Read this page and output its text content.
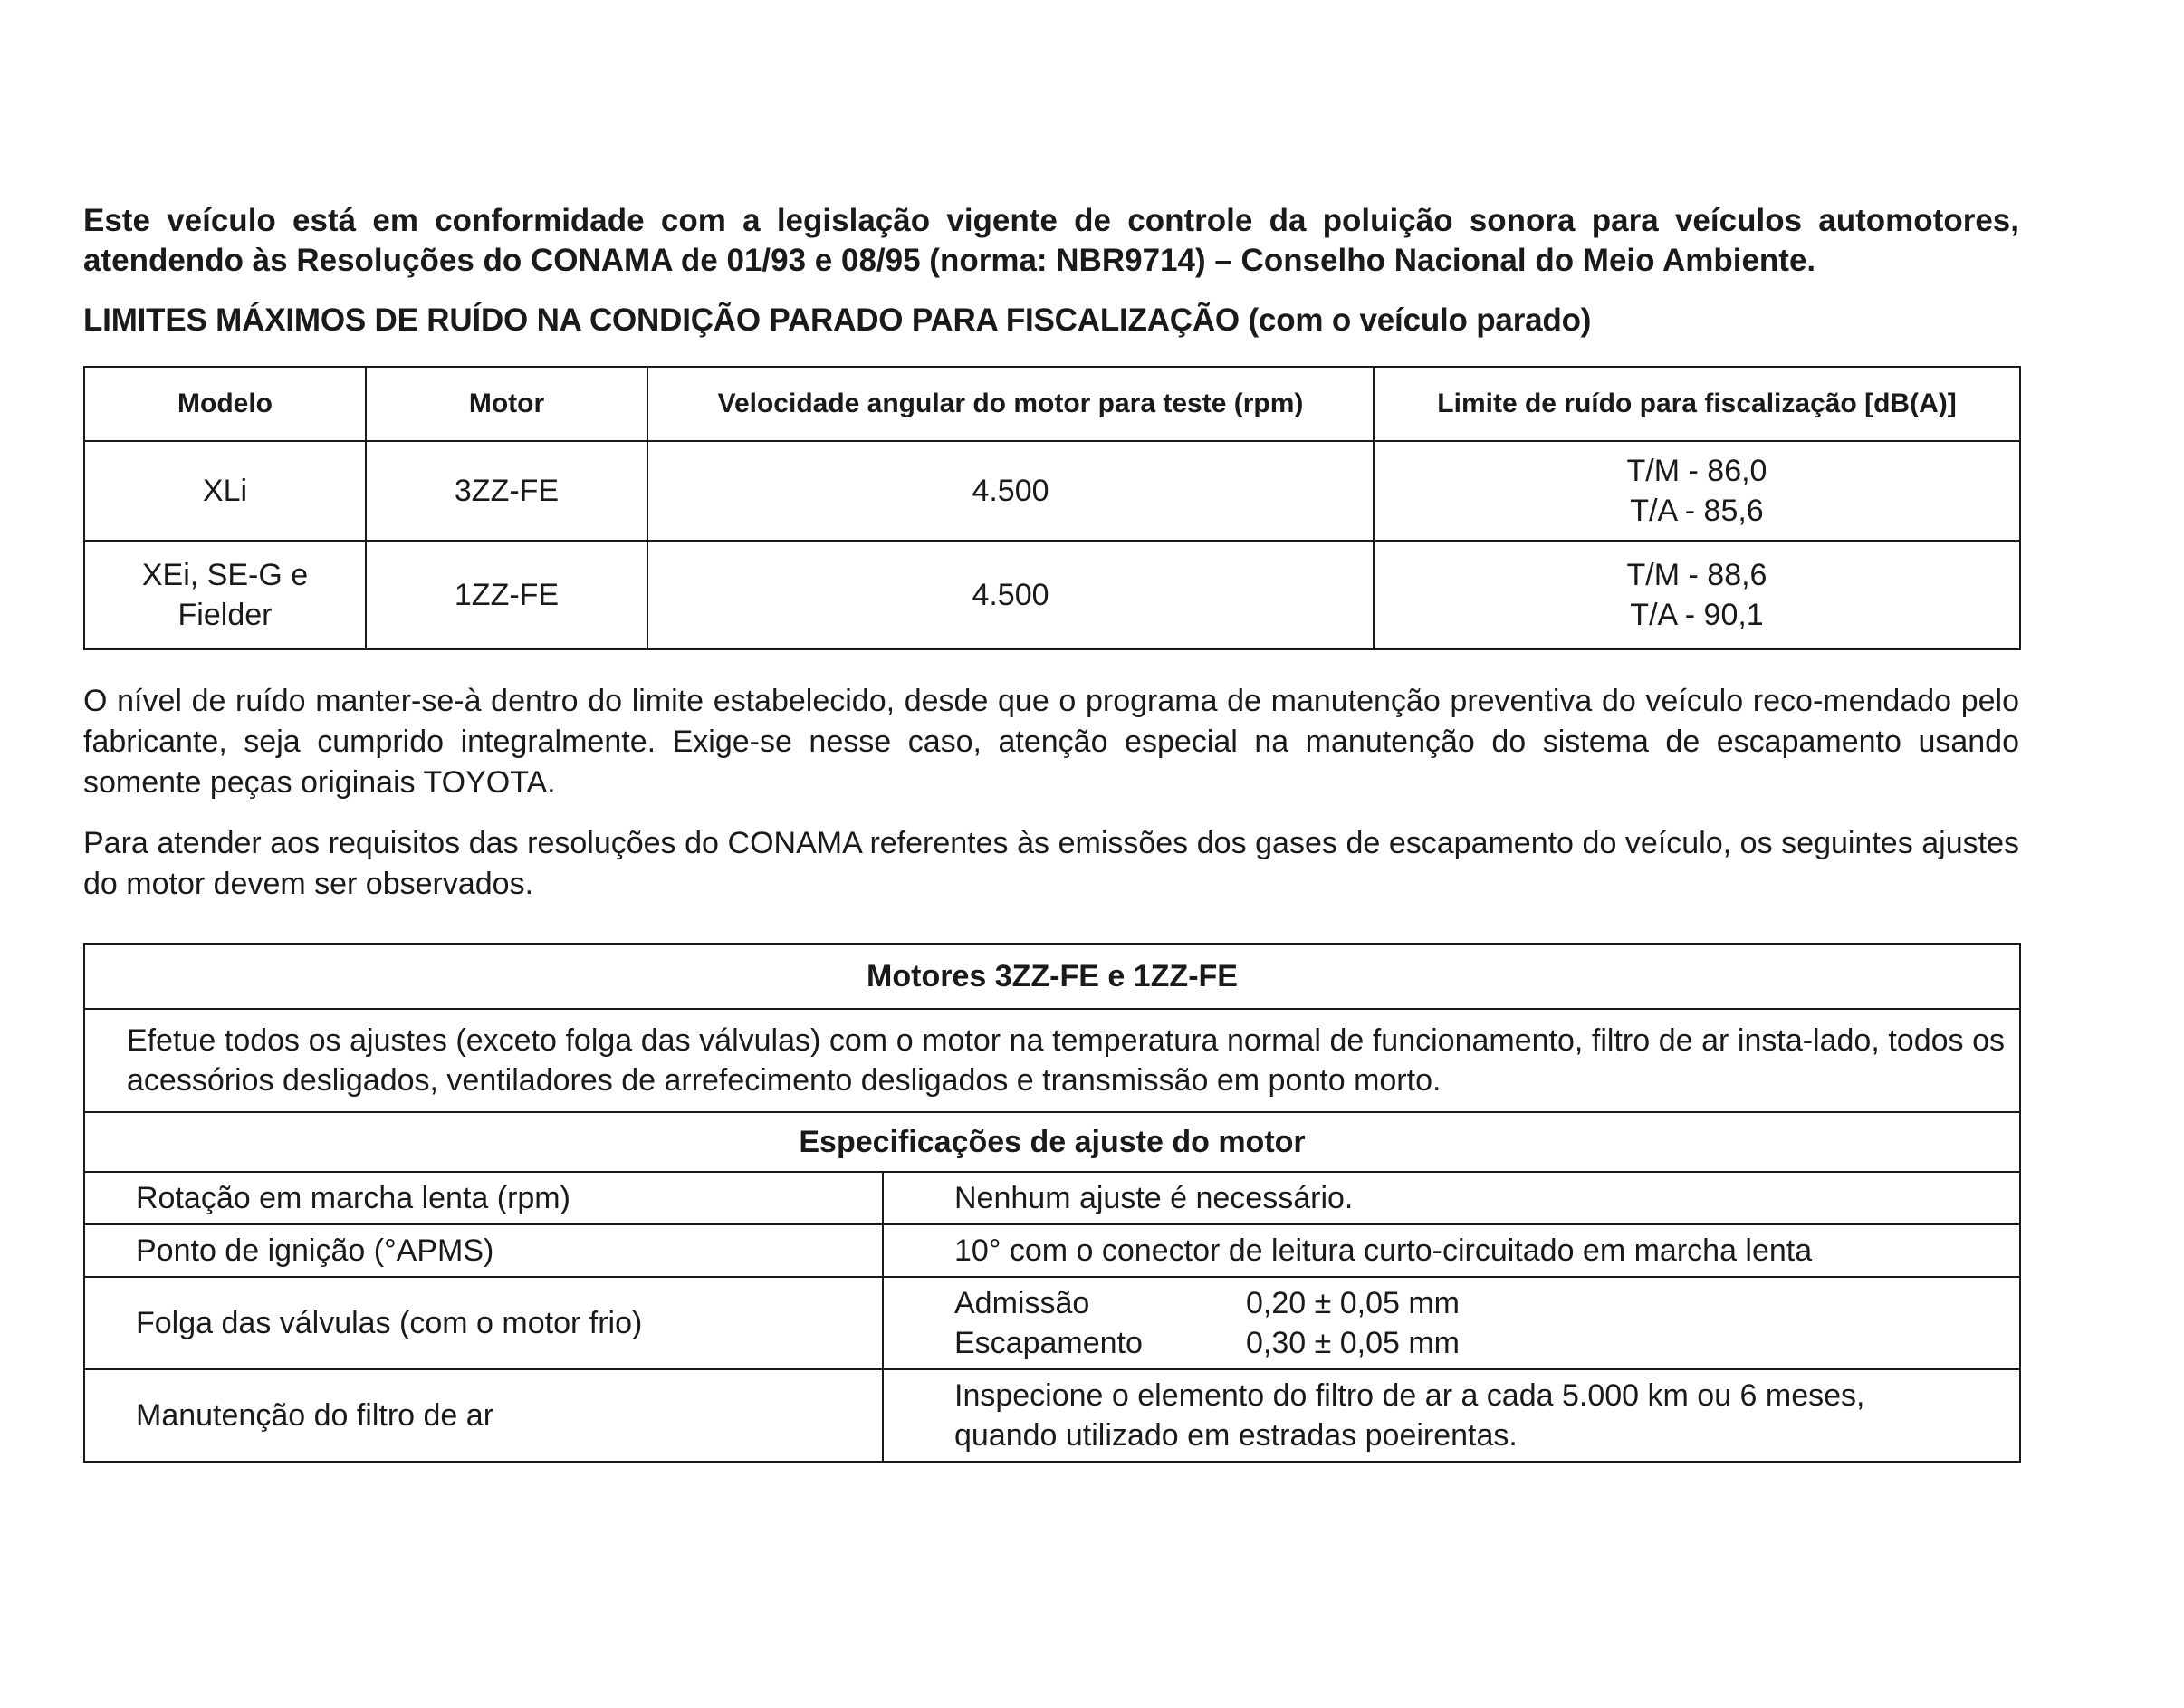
Este veículo está em conformidade com a legislação vigente de controle da poluição sonora para veículos automotores, atendendo às Resoluções do CONAMA de 01/93 e 08/95 (norma: NBR9714) – Conselho Nacional do Meio Ambiente.

LIMITES MÁXIMOS DE RUÍDO NA CONDIÇÃO PARADO PARA FISCALIZAÇÃO (com o veículo parado)

Modelo	Motor	Velocidade angular do motor para teste (rpm)	Limite de ruído para fiscalização [dB(A)]

XLi	3ZZ-FE	4.500	T/M - 86,0
T/A - 85,6

XEi, SE-G e
Fielder	1ZZ-FE	4.500	T/M - 88,6
T/A - 90,1

O nível de ruído manter-se-à dentro do limite estabelecido, desde que o programa de manutenção preventiva do veículo reco-mendado pelo fabricante, seja cumprido integralmente. Exige-se nesse caso, atenção especial na manutenção do sistema de escapamento usando somente peças originais TOYOTA.

Para atender aos requisitos das resoluções do CONAMA referentes às emissões dos gases de escapamento do veículo, os seguintes ajustes do motor devem ser observados.

Motores 3ZZ-FE e 1ZZ-FE	
Efetue todos os ajustes (exceto folga das válvulas) com o motor na temperatura normal de funcionamento, filtro de ar insta-lado, todos os acessórios desligados, ventiladores de arrefecimento desligados e transmissão em ponto morto.	
Especificações de ajuste do motor	
Rotação em marcha lenta (rpm)	Nenhum ajuste é necessário.
Ponto de ignição (°APMS)	10° com o conector de leitura curto-circuitado em marcha lenta
Folga das válvulas (com o motor frio)	Admissão 0,20 ± 0,05 mm
Escapamento 0,30 ± 0,05 mm

Manutenção do filtro de ar	Inspecione o elemento do filtro de ar a cada 5.000 km ou 6 meses,
quando utilizado em estradas poeirentas.
